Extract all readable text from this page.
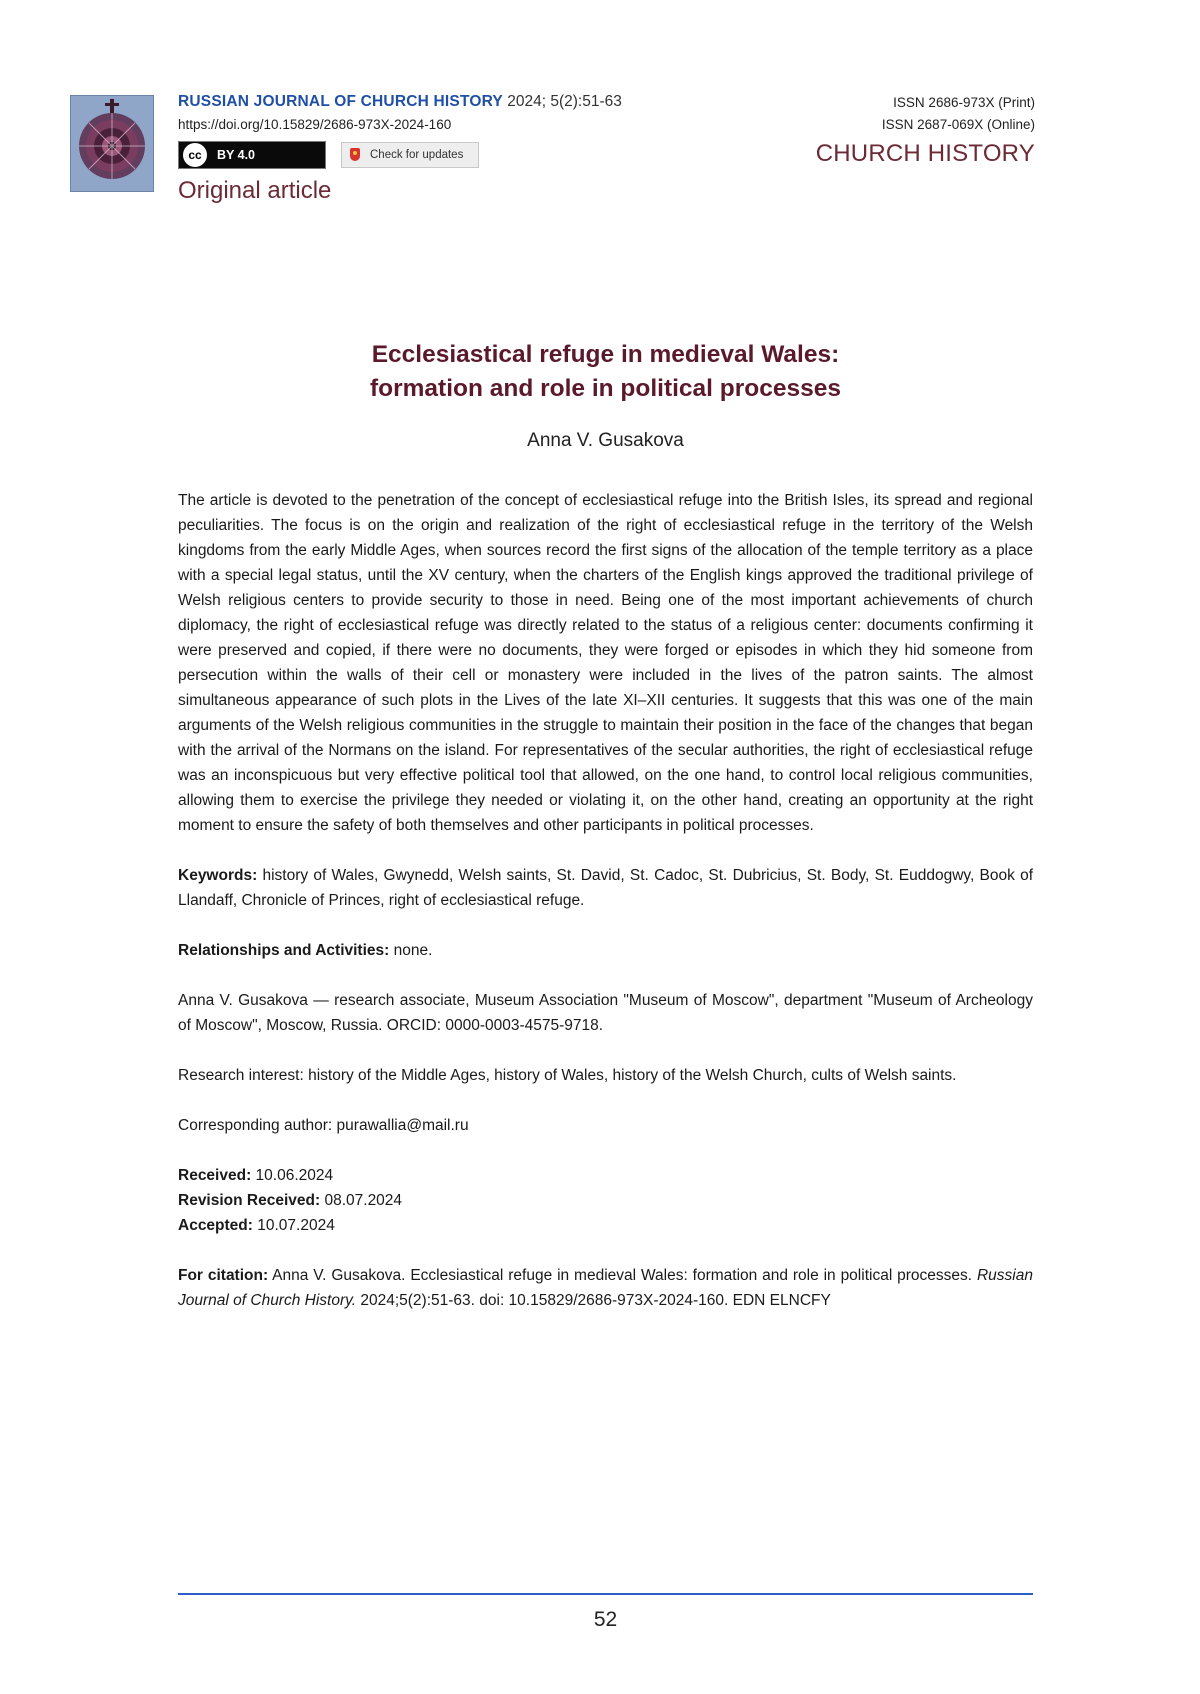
RUSSIAN JOURNAL OF CHURCH HISTORY 2024; 5(2):51-63
https://doi.org/10.15829/2686-973X-2024-160
cc	BY 4.0	Check for updates
Original article
ISSN 2686-973X (Print)
ISSN 2687-069X (Online)
CHURCH HISTORY
Ecclesiastical refuge in medieval Wales:
formation and role in political processes
Anna V. Gusakova

The article is devoted to the penetration of the concept of ecclesiastical refuge into the British Isles, its spread and regional peculiarities. The focus is on the origin and realization of the right of ecclesiastical refuge in the territory of the Welsh kingdoms from the early Middle Ages, when sources record the first signs of the allocation of the temple territory as a place with a special legal status, until the XV century, when the charters of the English kings approved the traditional privilege of Welsh religious centers to provide security to those in need. Being one of the most important achievements of church diplomacy, the right of ecclesiastical refuge was directly related to the status of a religious center: documents confirming it were preserved and copied, if there were no documents, they were forged or episodes in which they hid someone from persecution within the walls of their cell or monastery were included in the lives of the patron saints. The almost simultaneous appearance of such plots in the Lives of the late XI–XII centuries. It suggests that this was one of the main arguments of the Welsh religious communities in the struggle to maintain their position in the face of the changes that began with the arrival of the Normans on the island. For representatives of the secular authorities, the right of ecclesiastical refuge was an inconspicuous but very effective political tool that allowed, on the one hand, to control local religious communities, allowing them to exercise the privilege they needed or violating it, on the other hand, creating an opportunity at the right moment to ensure the safety of both themselves and other participants in political processes.

Keywords: history of Wales, Gwynedd, Welsh saints, St. David, St. Cadoc, St. Dubricius, St. Body, St. Euddogwy, Book of Llandaff, Chronicle of Princes, right of ecclesiastical refuge.

Relationships and Activities: none.

Anna V. Gusakova — research associate, Museum Association "Museum of Moscow", department "Museum of Archeology of Moscow", Moscow, Russia. ORCID: 0000-0003-4575-9718.

Research interest: history of the Middle Ages, history of Wales, history of the Welsh Church, cults of Welsh saints.

Corresponding author: purawallia@mail.ru

Received: 10.06.2024
Revision Received: 08.07.2024
Accepted: 10.07.2024

For citation: Anna V. Gusakova. Ecclesiastical refuge in medieval Wales: formation and role in political processes. Russian Journal of Church History. 2024;5(2):51-63. doi: 10.15829/2686-973X-2024-160. EDN ELNCFY

52
